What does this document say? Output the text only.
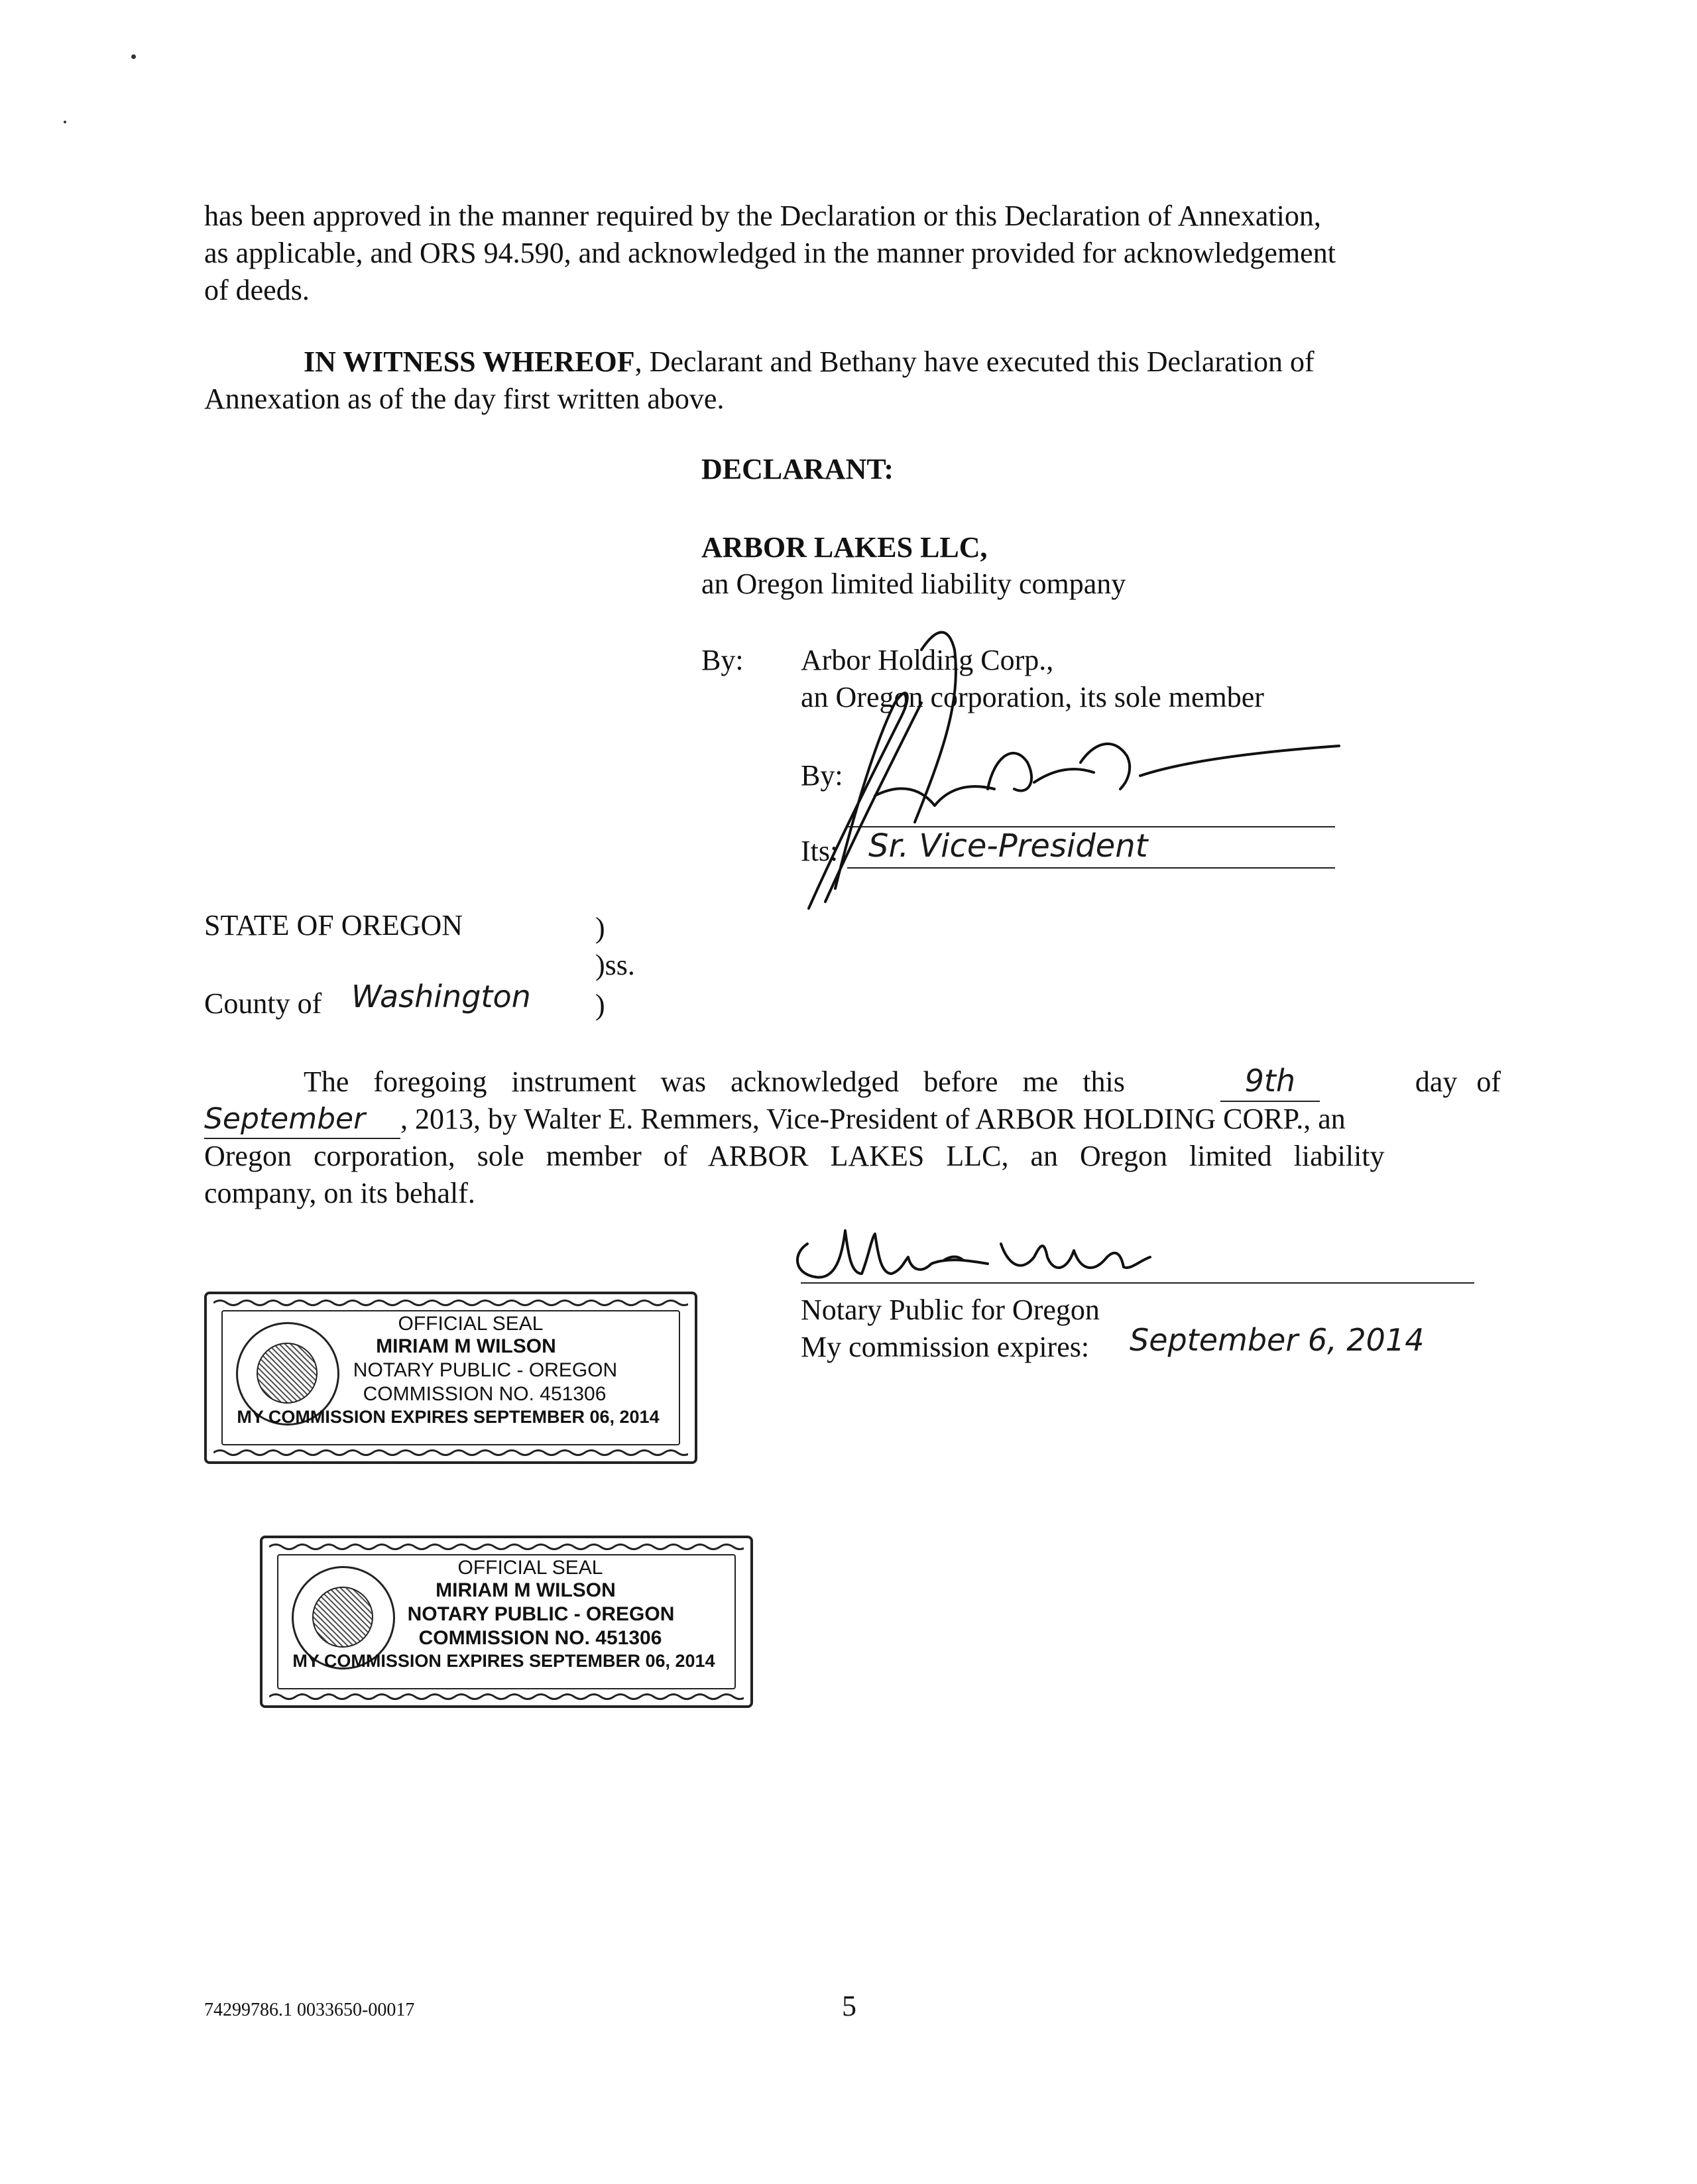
has been approved in the manner required by the Declaration or this Declaration of Annexation,
as applicable, and ORS 94.590, and acknowledged in the manner provided for acknowledgement
of deeds.
IN WITNESS WHEREOF, Declarant and Bethany have executed this Declaration of
Annexation as of the day first written above.
DECLARANT:
ARBOR LAKES LLC,
an Oregon limited liability company
By: Arbor Holding Corp.,
an Oregon corporation, its sole member
By:
Its: Sr. Vice-President
STATE OF OREGON	)
)ss.
County of Washington )
The foregoing instrument was acknowledged before me this	9th	day of
September , 2013, by Walter E. Remmers, Vice-President of ARBOR HOLDING CORP., an
Oregon corporation, sole member of ARBOR LAKES LLC, an Oregon limited liability
company, on its behalf.
Notary Public for Oregon
My commission expires: September 6, 2014
OFFICIAL SEAL
MIRIAM M WILSON
NOTARY PUBLIC - OREGON
COMMISSION NO. 451306
MY COMMISSION EXPIRES SEPTEMBER 06, 2014
OFFICIAL SEAL
MIRIAM M WILSON
NOTARY PUBLIC - OREGON
COMMISSION NO. 451306
MY COMMISSION EXPIRES SEPTEMBER 06, 2014
74299786.1 0033650-00017	5
